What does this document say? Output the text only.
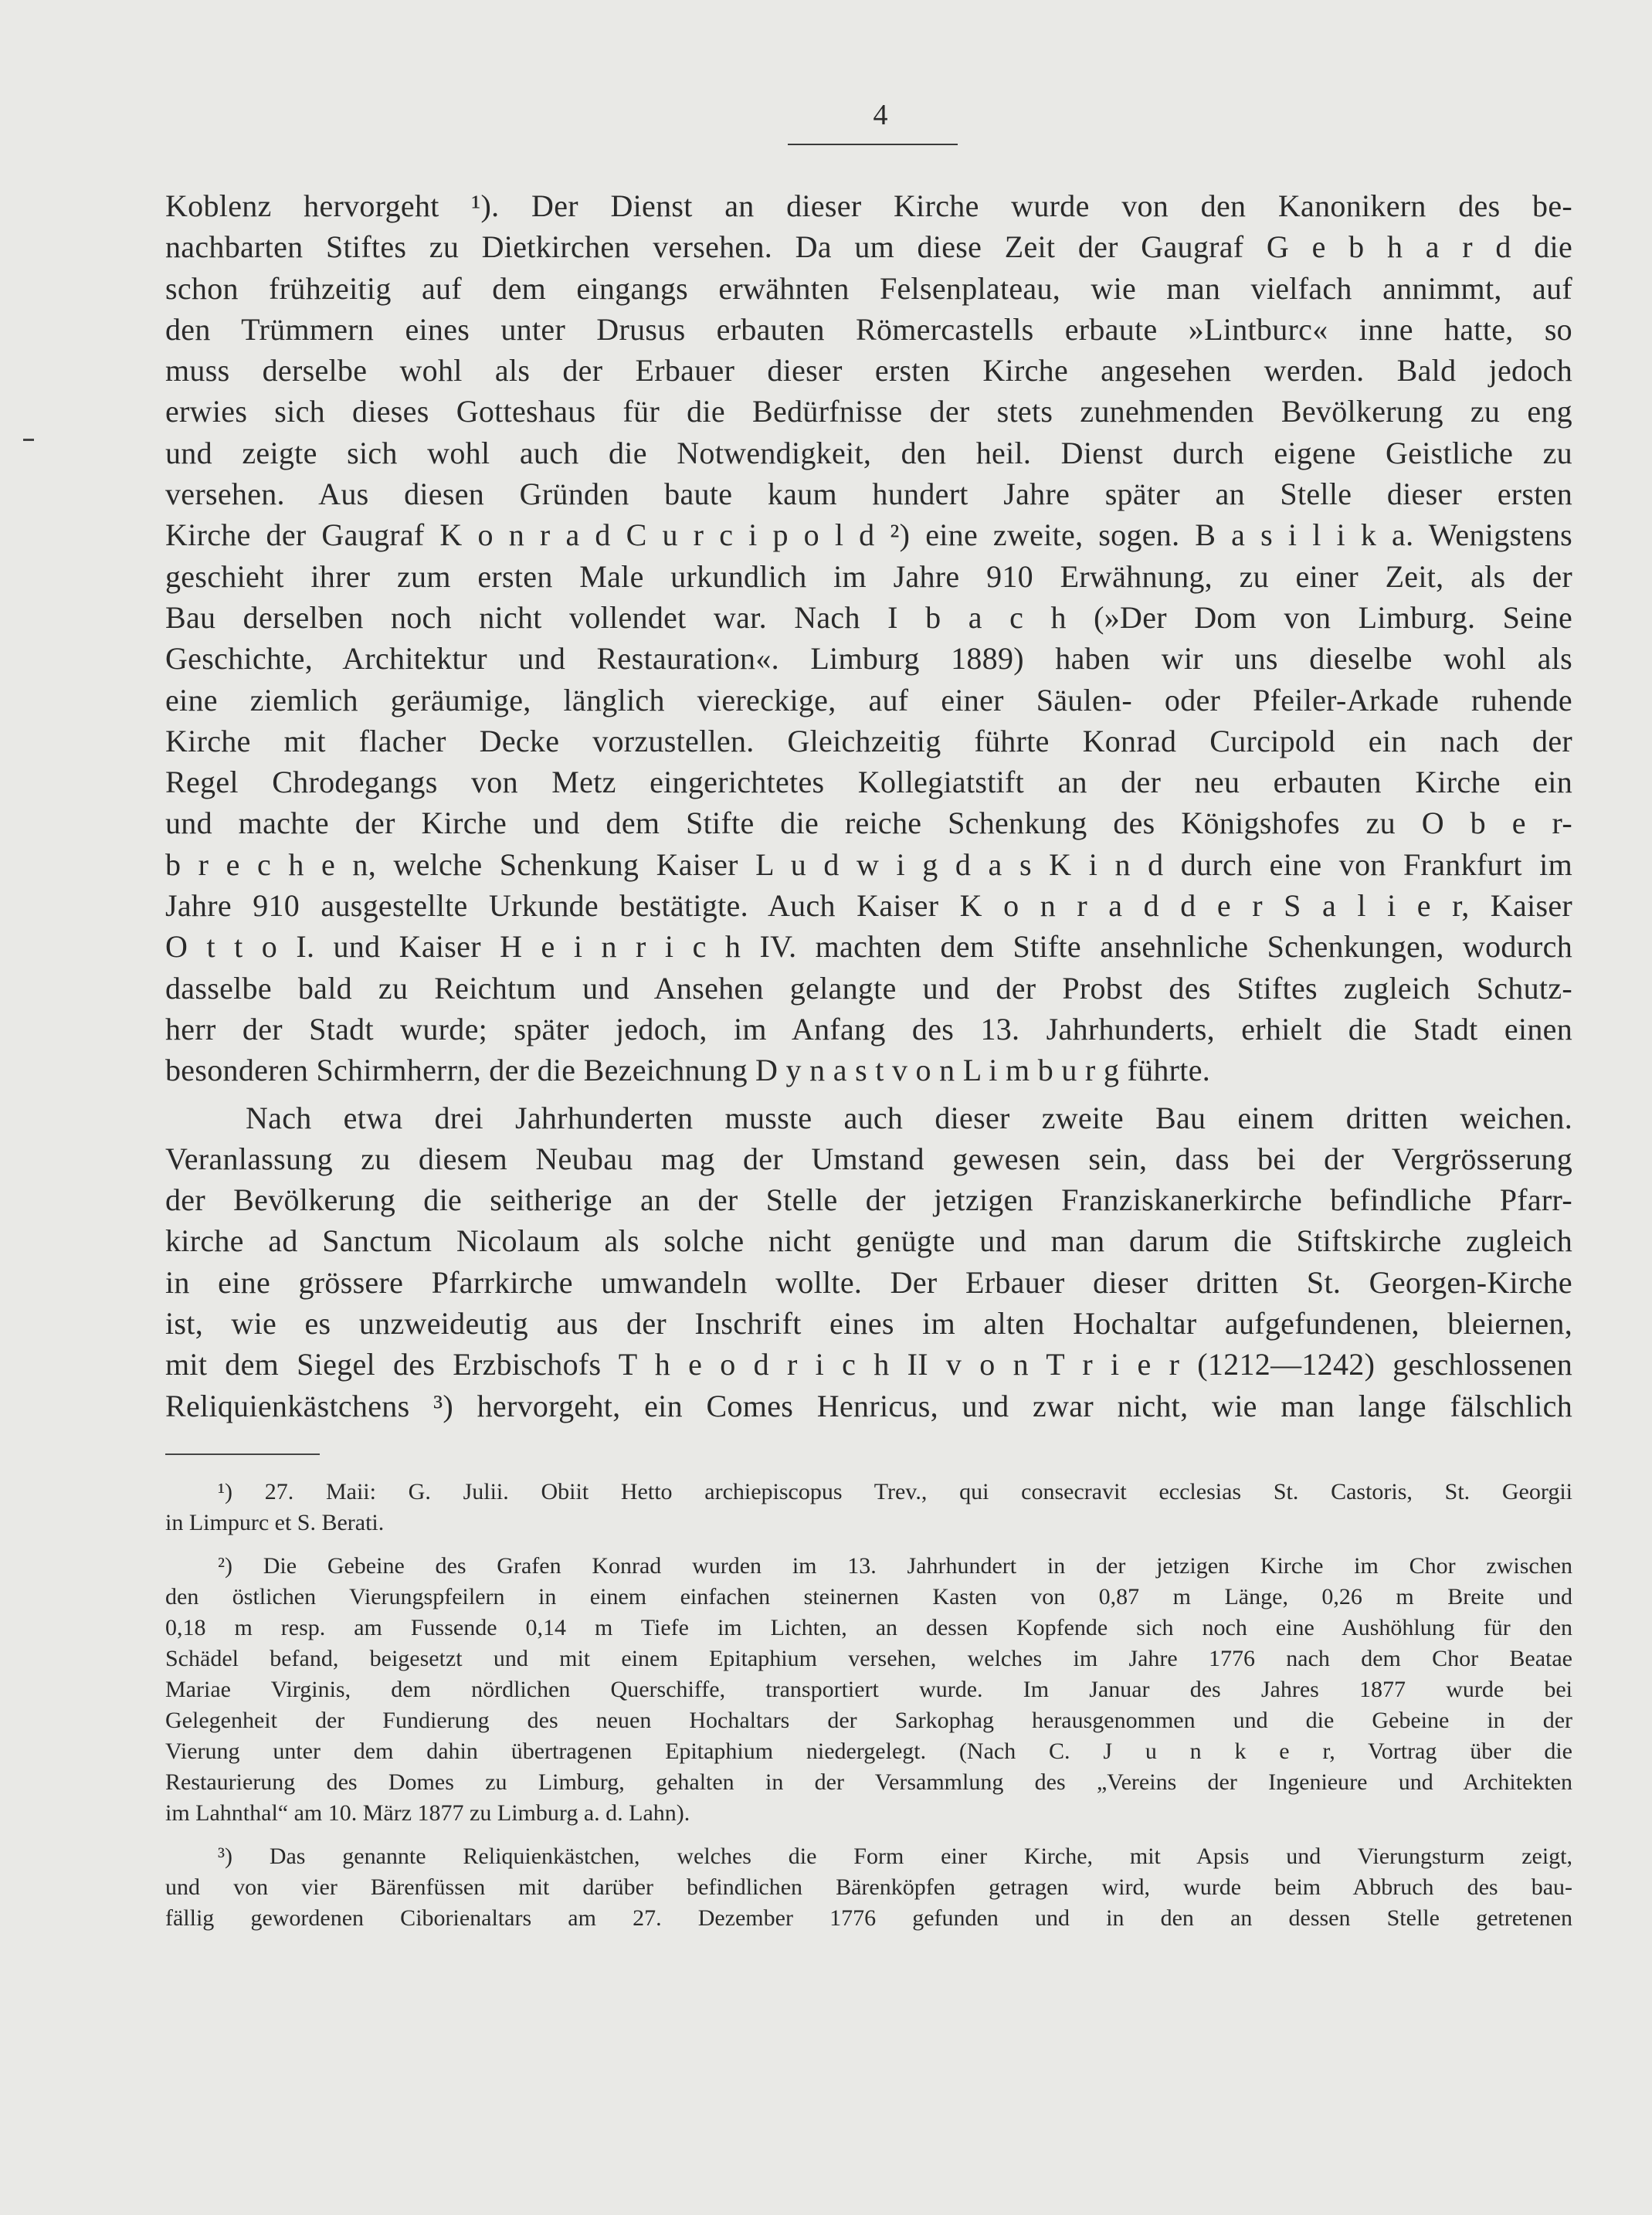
4
Koblenz hervorgeht ¹). Der Dienst an dieser Kirche wurde von den Kanonikern des be-
nachbarten Stiftes zu Dietkirchen versehen. Da um diese Zeit der Gaugraf G e b h a r d die
schon frühzeitig auf dem eingangs erwähnten Felsenplateau, wie man vielfach annimmt, auf
den Trümmern eines unter Drusus erbauten Römercastells erbaute »Lintburc« inne hatte, so
muss derselbe wohl als der Erbauer dieser ersten Kirche angesehen werden. Bald jedoch
erwies sich dieses Gotteshaus für die Bedürfnisse der stets zunehmenden Bevölkerung zu eng
und zeigte sich wohl auch die Notwendigkeit, den heil. Dienst durch eigene Geistliche zu
versehen. Aus diesen Gründen baute kaum hundert Jahre später an Stelle dieser ersten
Kirche der Gaugraf K o n r a d C u r c i p o l d ²) eine zweite, sogen. B a s i l i k a. Wenigstens
geschieht ihrer zum ersten Male urkundlich im Jahre 910 Erwähnung, zu einer Zeit, als der
Bau derselben noch nicht vollendet war. Nach I b a c h (»Der Dom von Limburg. Seine
Geschichte, Architektur und Restauration«. Limburg 1889) haben wir uns dieselbe wohl als
eine ziemlich geräumige, länglich viereckige, auf einer Säulen- oder Pfeiler-Arkade ruhende
Kirche mit flacher Decke vorzustellen. Gleichzeitig führte Konrad Curcipold ein nach der
Regel Chrodegangs von Metz eingerichtetes Kollegiatstift an der neu erbauten Kirche ein
und machte der Kirche und dem Stifte die reiche Schenkung des Königshofes zu O b e r-
b r e c h e n, welche Schenkung Kaiser L u d w i g d a s K i n d durch eine von Frankfurt im
Jahre 910 ausgestellte Urkunde bestätigte. Auch Kaiser K o n r a d d e r S a l i e r, Kaiser
O t t o I. und Kaiser H e i n r i c h IV. machten dem Stifte ansehnliche Schenkungen, wodurch
dasselbe bald zu Reichtum und Ansehen gelangte und der Probst des Stiftes zugleich Schutz-
herr der Stadt wurde; später jedoch, im Anfang des 13. Jahrhunderts, erhielt die Stadt einen
besonderen Schirmherrn, der die Bezeichnung D y n a s t v o n L i m b u r g führte.
Nach etwa drei Jahrhunderten musste auch dieser zweite Bau einem dritten weichen.
Veranlassung zu diesem Neubau mag der Umstand gewesen sein, dass bei der Vergrösserung
der Bevölkerung die seitherige an der Stelle der jetzigen Franziskanerkirche befindliche Pfarr-
kirche ad Sanctum Nicolaum als solche nicht genügte und man darum die Stiftskirche zugleich
in eine grössere Pfarrkirche umwandeln wollte. Der Erbauer dieser dritten St. Georgen-Kirche
ist, wie es unzweideutig aus der Inschrift eines im alten Hochaltar aufgefundenen, bleiernen,
mit dem Siegel des Erzbischofs T h e o d r i c h II v o n T r i e r (1212—1242) geschlossenen
Reliquienkästchens ³) hervorgeht, ein Comes Henricus, und zwar nicht, wie man lange fälschlich
¹) 27. Maii: G. Julii. Obiit Hetto archiepiscopus Trev., qui consecravit ecclesias St. Castoris, St. Georgii
in Limpurc et S. Berati.
²) Die Gebeine des Grafen Konrad wurden im 13. Jahrhundert in der jetzigen Kirche im Chor zwischen
den östlichen Vierungspfeilern in einem einfachen steinernen Kasten von 0,87 m Länge, 0,26 m Breite und
0,18 m resp. am Fussende 0,14 m Tiefe im Lichten, an dessen Kopfende sich noch eine Aushöhlung für den
Schädel befand, beigesetzt und mit einem Epitaphium versehen, welches im Jahre 1776 nach dem Chor Beatae
Mariae Virginis, dem nördlichen Querschiffe, transportiert wurde. Im Januar des Jahres 1877 wurde bei
Gelegenheit der Fundierung des neuen Hochaltars der Sarkophag herausgenommen und die Gebeine in der
Vierung unter dem dahin übertragenen Epitaphium niedergelegt. (Nach C. J u n k e r, Vortrag über die
Restaurierung des Domes zu Limburg, gehalten in der Versammlung des „Vereins der Ingenieure und Architekten
im Lahnthal“ am 10. März 1877 zu Limburg a. d. Lahn).
³) Das genannte Reliquienkästchen, welches die Form einer Kirche, mit Apsis und Vierungsturm zeigt,
und von vier Bärenfüssen mit darüber befindlichen Bärenköpfen getragen wird, wurde beim Abbruch des bau-
fällig gewordenen Ciborienaltars am 27. Dezember 1776 gefunden und in den an dessen Stelle getretenen
